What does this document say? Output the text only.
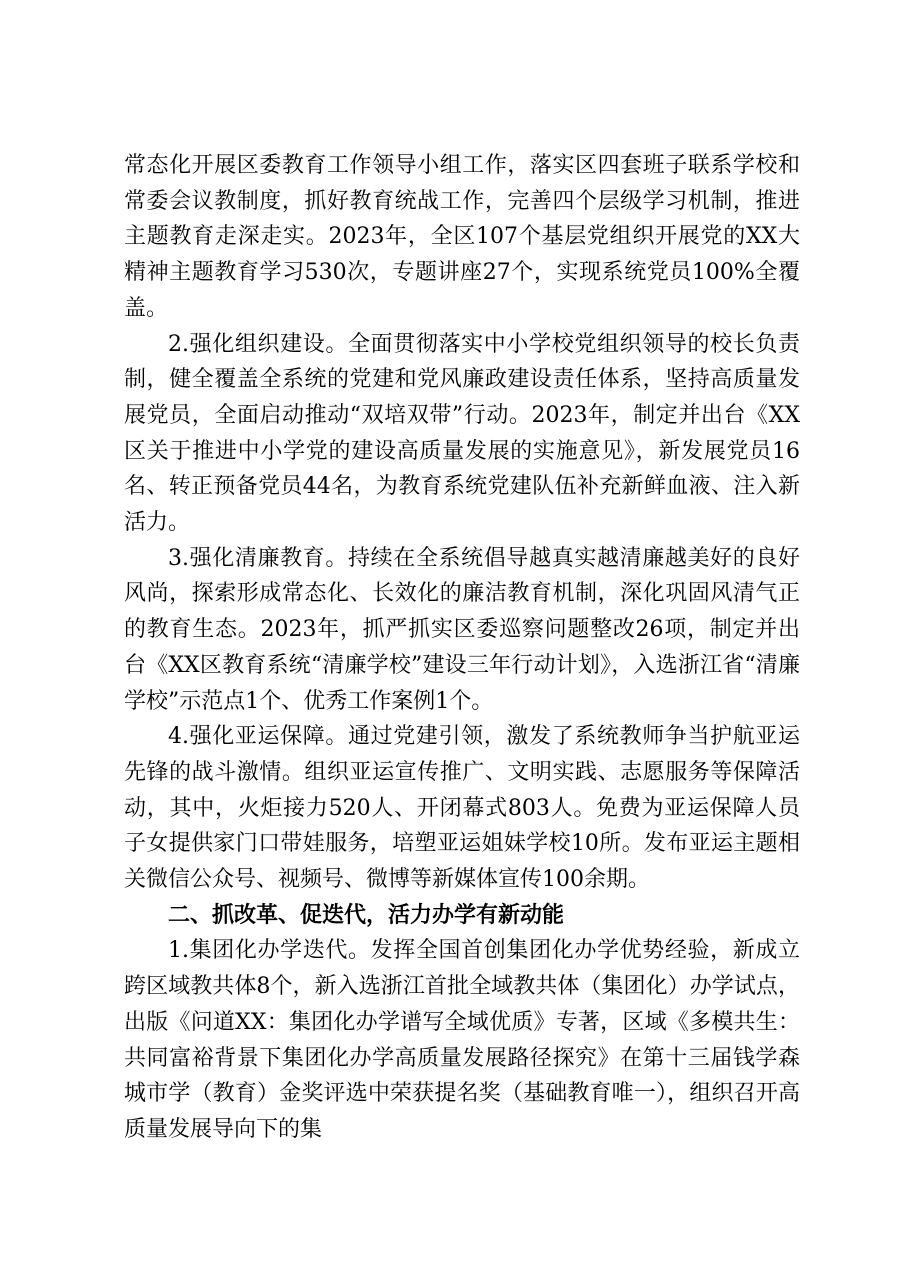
常态化开展区委教育工作领导小组工作，落实区四套班子联系学校和常委会议教制度，抓好教育统战工作，完善四个层级学习机制，推进主题教育走深走实。2023年，全区107个基层党组织开展党的XX大精神主题教育学习530次，专题讲座27个，实现系统党员100%全覆盖。

2.强化组织建设。全面贯彻落实中小学校党组织领导的校长负责制，健全覆盖全系统的党建和党风廉政建设责任体系，坚持高质量发展党员，全面启动推动“双培双带”行动。2023年，制定并出台《XX区关于推进中小学党的建设高质量发展的实施意见》，新发展党员16名、转正预备党员44名，为教育系统党建队伍补充新鲜血液、注入新活力。

3.强化清廉教育。持续在全系统倡导越真实越清廉越美好的良好风尚，探索形成常态化、长效化的廉洁教育机制，深化巩固风清气正的教育生态。2023年，抓严抓实区委巡察问题整改26项，制定并出台《XX区教育系统“清廉学校”建设三年行动计划》，入选浙江省“清廉学校”示范点1个、优秀工作案例1个。

4.强化亚运保障。通过党建引领，激发了系统教师争当护航亚运先锋的战斗激情。组织亚运宣传推广、文明实践、志愿服务等保障活动，其中，火炬接力520人、开闭幕式803人。免费为亚运保障人员子女提供家门口带娃服务，培塑亚运姐妹学校10所。发布亚运主题相关微信公众号、视频号、微博等新媒体宣传100余期。

二、抓改革、促迭代，活力办学有新动能

1.集团化办学迭代。发挥全国首创集团化办学优势经验，新成立跨区域教共体8个，新入选浙江首批全域教共体（集团化）办学试点，出版《问道XX：集团化办学谱写全域优质》专著，区域《多模共生：共同富裕背景下集团化办学高质量发展路径探究》在第十三届钱学森城市学（教育）金奖评选中荣获提名奖（基础教育唯一），组织召开高质量发展导向下的集
